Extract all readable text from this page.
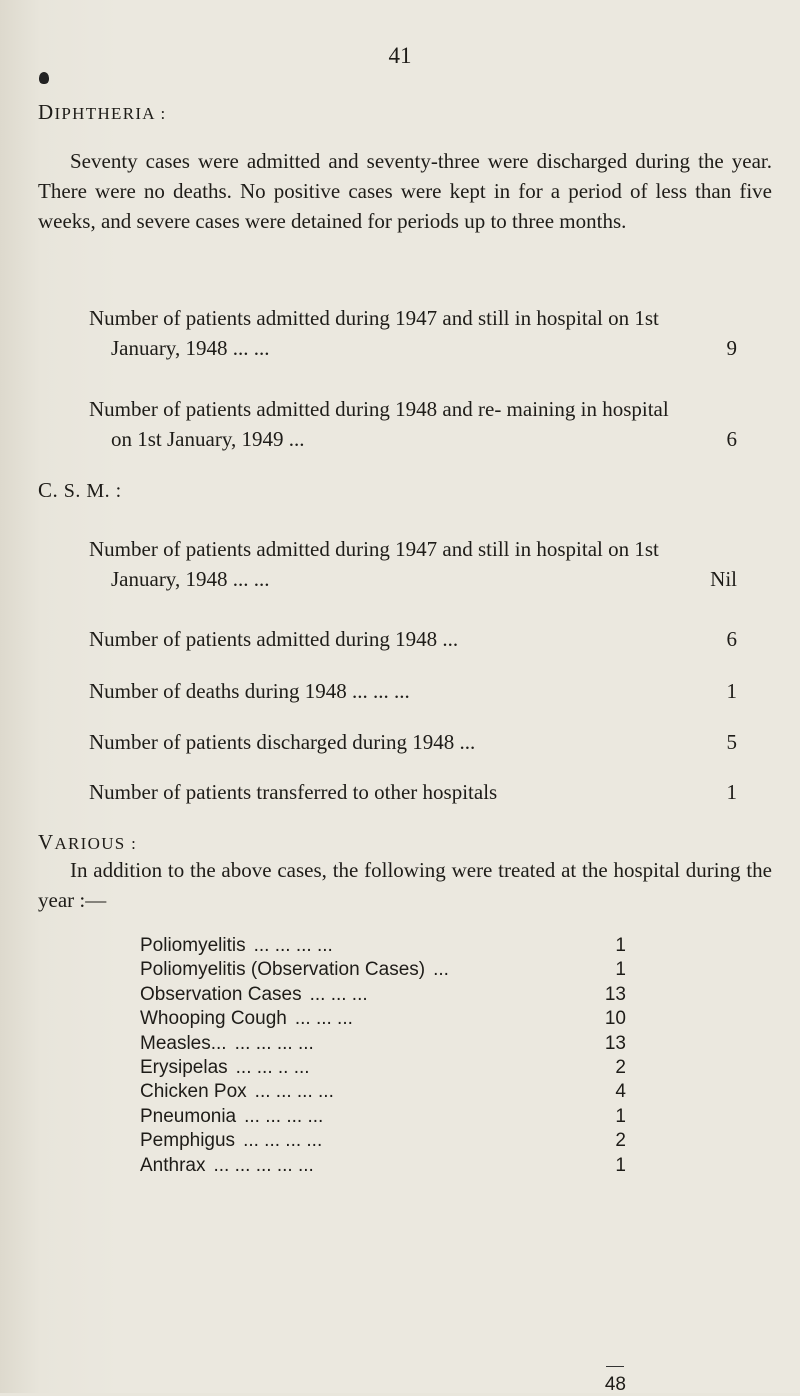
41
DIPHTHERIA :

Seventy cases were admitted and seventy-three were discharged during the year. There were no deaths. No positive cases were kept in for a period of less than five weeks, and severe cases were detained for periods up to three months.

Number of patients admitted during 1947 and still in hospital on 1st January, 1948 ... ...	9
Number of patients admitted during 1948 and re- maining in hospital on 1st January, 1949 ...	6
C. S. M. :
Number of patients admitted during 1947 and still in hospital on 1st January, 1948 ... ...	Nil
Number of patients admitted during 1948 ...	6
Number of deaths during 1948 ... ... ...	1
Number of patients discharged during 1948 ...	5
Number of patients transferred to other hospitals	1
VARIOUS :

In addition to the above cases, the following were treated at the hospital during the year :—

Poliomyelitis ... ... ... ...	1
Poliomyelitis (Observation Cases) ...	1
Observation Cases ... ... ...	13
Whooping Cough ... ... ...	10
Measles... ... ... ... ...	13
Erysipelas ... ... .. ...	2
Chicken Pox ... ... ... ...	4
Pneumonia ... ... ... ...	1
Pemphigus ... ... ... ...	2
Anthrax ... ... ... ... ...	1
48
